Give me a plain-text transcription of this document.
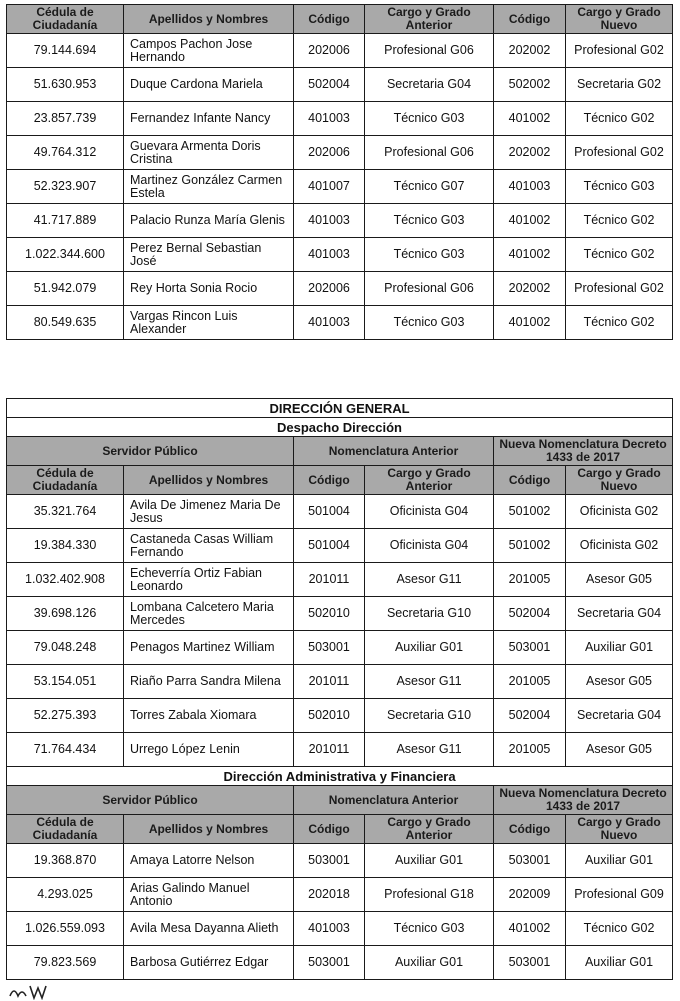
Cédula de Ciudadanía	Apellidos y Nombres	Código	Cargo y Grado Anterior	Código	Cargo y Grado Nuevo
79.144.694	Campos Pachon Jose Hernando	202006	Profesional G06	202002	Profesional G02
51.630.953	Duque Cardona Mariela	502004	Secretaria G04	502002	Secretaria G02
23.857.739	Fernandez Infante Nancy	401003	Técnico G03	401002	Técnico G02
49.764.312	Guevara Armenta Doris Cristina	202006	Profesional G06	202002	Profesional G02
52.323.907	Martinez González Carmen Estela	401007	Técnico G07	401003	Técnico G03
41.717.889	Palacio Runza María Glenis	401003	Técnico G03	401002	Técnico G02
1.022.344.600	Perez Bernal Sebastian José	401003	Técnico G03	401002	Técnico G02
51.942.079	Rey Horta Sonia Rocio	202006	Profesional G06	202002	Profesional G02
80.549.635	Vargas Rincon Luis Alexander	401003	Técnico G03	401002	Técnico G02
DIRECCIÓN GENERAL					
Despacho Dirección					
Servidor Público		Nomenclatura Anterior		Nueva Nomenclatura Decreto 1433 de 2017	
Cédula de Ciudadanía	Apellidos y Nombres	Código	Cargo y Grado Anterior	Código	Cargo y Grado Nuevo
35.321.764	Avila De Jimenez Maria De Jesus	501004	Oficinista G04	501002	Oficinista G02
19.384.330	Castaneda Casas William Fernando	501004	Oficinista G04	501002	Oficinista G02
1.032.402.908	Echeverría Ortiz Fabian Leonardo	201011	Asesor G11	201005	Asesor G05
39.698.126	Lombana Calcetero Maria Mercedes	502010	Secretaria G10	502004	Secretaria G04
79.048.248	Penagos Martinez William	503001	Auxiliar G01	503001	Auxiliar G01
53.154.051	Riaño Parra Sandra Milena	201011	Asesor G11	201005	Asesor G05
52.275.393	Torres Zabala Xiomara	502010	Secretaria G10	502004	Secretaria G04
71.764.434	Urrego López Lenin	201011	Asesor G11	201005	Asesor G05
Dirección Administrativa y Financiera					
Servidor Público		Nomenclatura Anterior		Nueva Nomenclatura Decreto 1433 de 2017	
Cédula de Ciudadanía	Apellidos y Nombres	Código	Cargo y Grado Anterior	Código	Cargo y Grado Nuevo
19.368.870	Amaya Latorre Nelson	503001	Auxiliar G01	503001	Auxiliar G01
4.293.025	Arias Galindo Manuel Antonio	202018	Profesional G18	202009	Profesional G09
1.026.559.093	Avila Mesa Dayanna Alieth	401003	Técnico G03	401002	Técnico G02
79.823.569	Barbosa Gutiérrez Edgar	503001	Auxiliar G01	503001	Auxiliar G01
